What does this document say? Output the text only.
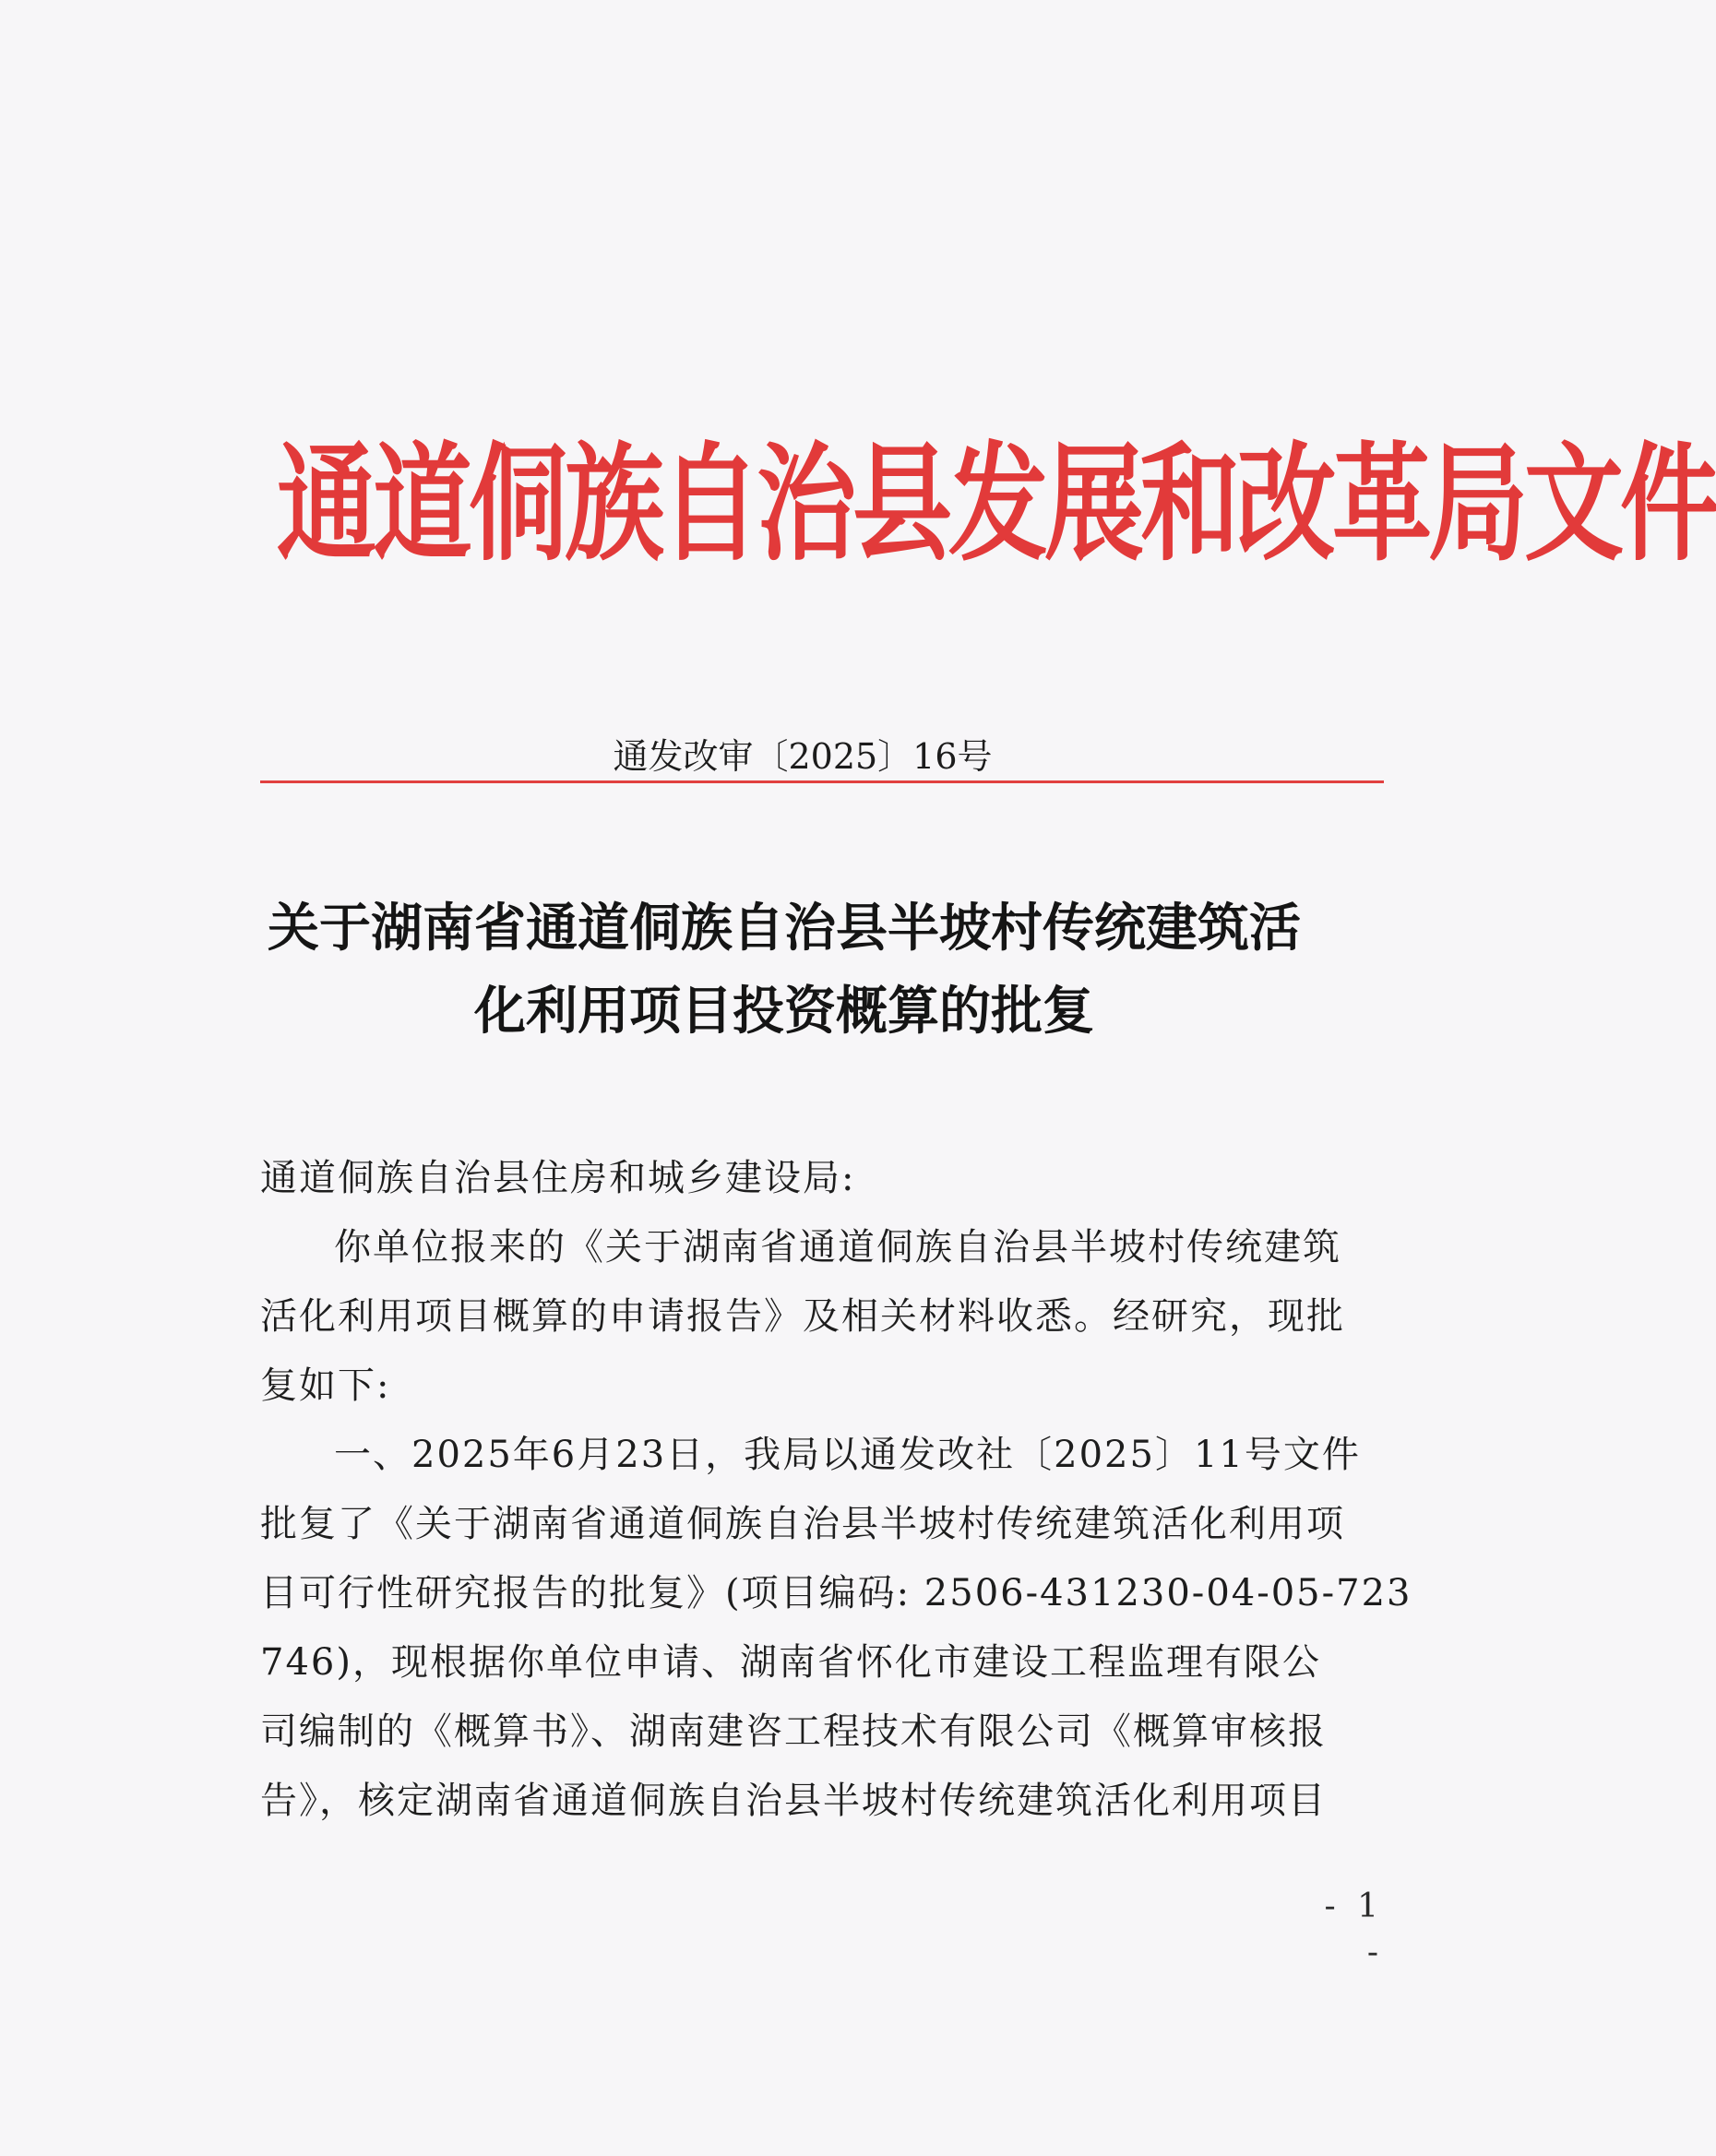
通道侗族自治县发展和改革局文件
通发改审〔2025〕16号
关于湖南省通道侗族自治县半坡村传统建筑活
化利用项目投资概算的批复
通道侗族自治县住房和城乡建设局:
你单位报来的《关于湖南省通道侗族自治县半坡村传统建筑
活化利用项目概算的申请报告》及相关材料收悉。经研究，现批
复如下:
一、2025年6月23日，我局以通发改社〔2025〕11号文件
批复了《关于湖南省通道侗族自治县半坡村传统建筑活化利用项
目可行性研究报告的批复》(项目编码: 2506-431230-04-05-723
746)，现根据你单位申请、湖南省怀化市建设工程监理有限公
司编制的《概算书》、湖南建咨工程技术有限公司《概算审核报
告》，核定湖南省通道侗族自治县半坡村传统建筑活化利用项目
- 1 -
